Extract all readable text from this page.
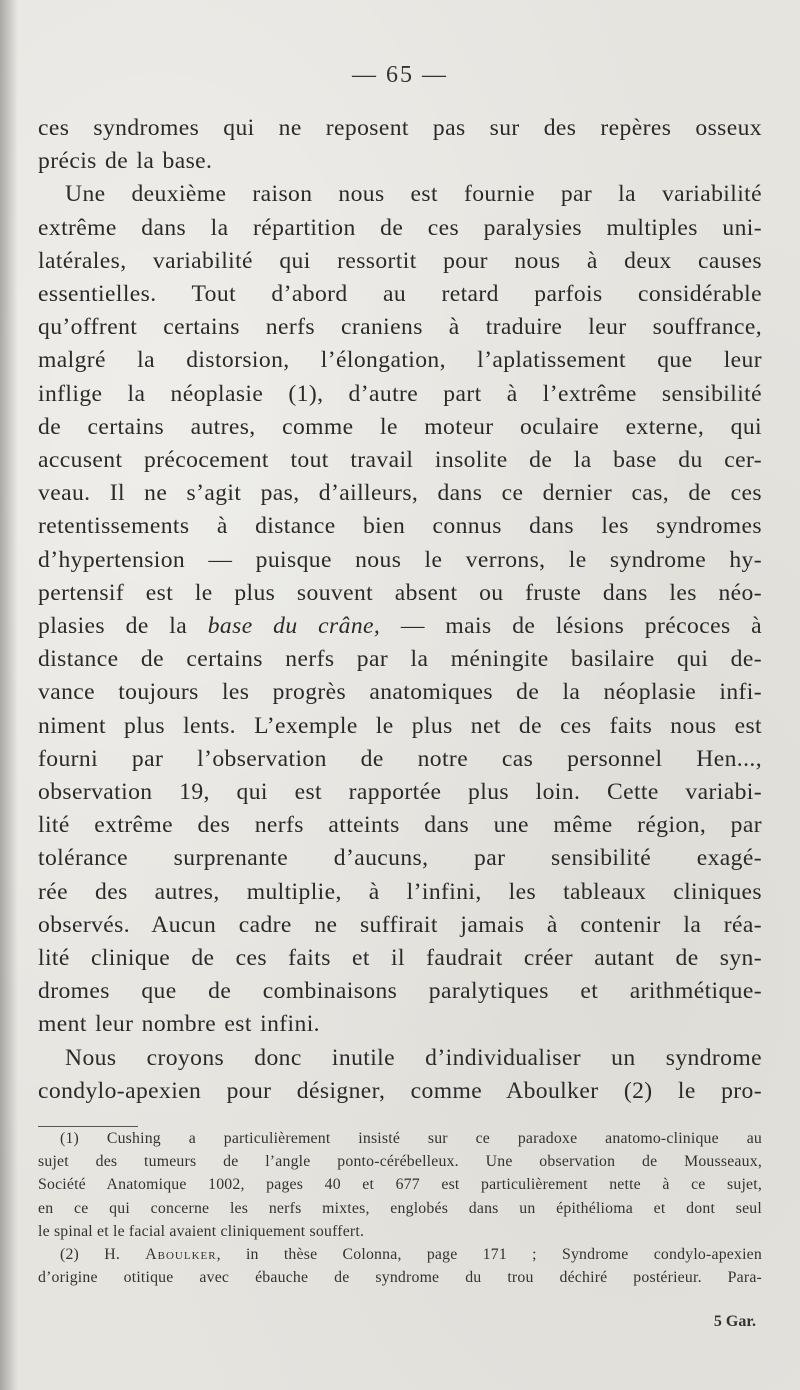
— 65 —
ces syndromes qui ne reposent pas sur des repères osseux
précis de la base.
Une deuxième raison nous est fournie par la variabilité
extrême dans la répartition de ces paralysies multiples uni-
latérales, variabilité qui ressortit pour nous à deux causes
essentielles. Tout d’abord au retard parfois considérable
qu’offrent certains nerfs craniens à traduire leur souffrance,
malgré la distorsion, l’élongation, l’aplatissement que leur
inflige la néoplasie (1), d’autre part à l’extrême sensibilité
de certains autres, comme le moteur oculaire externe, qui
accusent précocement tout travail insolite de la base du cer-
veau. Il ne s’agit pas, d’ailleurs, dans ce dernier cas, de ces
retentissements à distance bien connus dans les syndromes
d’hypertension — puisque nous le verrons, le syndrome hy-
pertensif est le plus souvent absent ou fruste dans les néo-
plasies de la base du crâne, — mais de lésions précoces à
distance de certains nerfs par la méningite basilaire qui de-
vance toujours les progrès anatomiques de la néoplasie infi-
niment plus lents. L’exemple le plus net de ces faits nous est
fourni par l’observation de notre cas personnel Hen...,
observation 19, qui est rapportée plus loin. Cette variabi-
lité extrême des nerfs atteints dans une même région, par
tolérance surprenante d’aucuns, par sensibilité exagé-
rée des autres, multiplie, à l’infini, les tableaux cliniques
observés. Aucun cadre ne suffirait jamais à contenir la réa-
lité clinique de ces faits et il faudrait créer autant de syn-
dromes que de combinaisons paralytiques et arithmétique-
ment leur nombre est infini.
Nous croyons donc inutile d’individualiser un syndrome
condylo-apexien pour désigner, comme Aboulker (2) le pro-
(1) Cushing a particulièrement insisté sur ce paradoxe anatomo-clinique au
sujet des tumeurs de l’angle ponto-cérébelleux. Une observation de Mousseaux,
Société Anatomique 1002, pages 40 et 677 est particulièrement nette à ce sujet,
en ce qui concerne les nerfs mixtes, englobés dans un épithélioma et dont seul
le spinal et le facial avaient cliniquement souffert.
(2) H. Aboulker, in thèse Colonna, page 171 ; Syndrome condylo-apexien
d’origine otitique avec ébauche de syndrome du trou déchiré postérieur. Para-
5 Gar.
